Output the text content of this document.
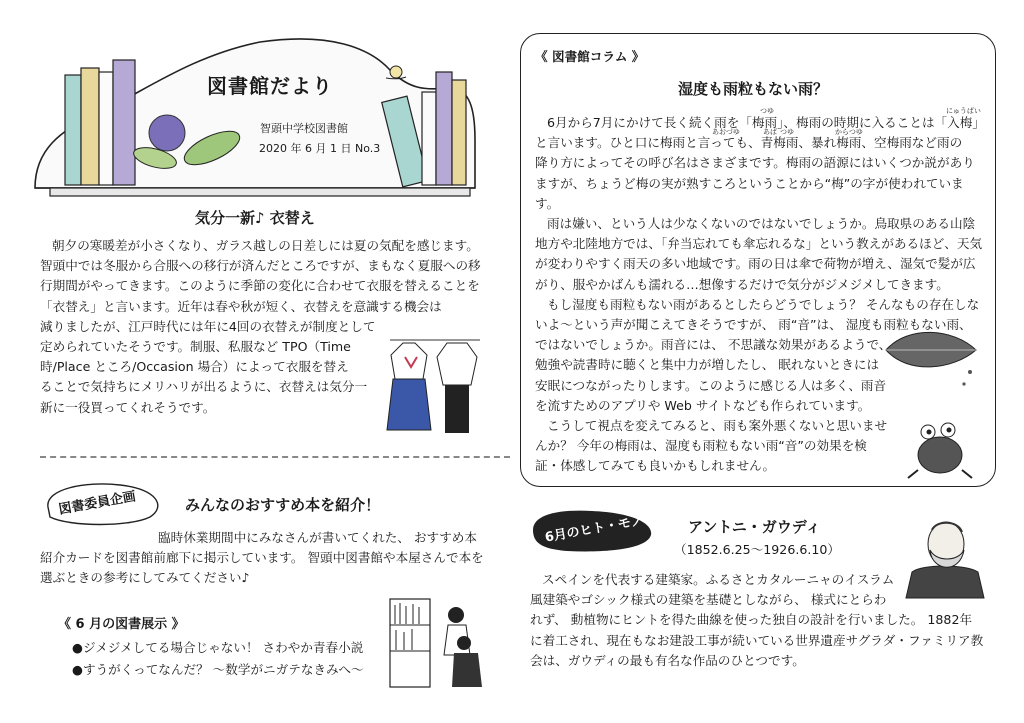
図書館だより
智頭中学校図書館
2020 年 6 月 1 日 No.3
気分一新♪ 衣替え

朝夕の寒暖差が小さくなり、ガラス越しの日差しには夏の気配を感じます。

智頭中では冬服から合服への移行が済んだところですが、まもなく夏服への移

行期間がやってきます。このように季節の変化に合わせて衣服を替えることを

「衣替え」と言います。近年は春や秋が短く、衣替えを意識する機会は

減りましたが、江戸時代には年に4回の衣替えが制度として

定められていたそうです。制服、私服など TPO（Time

時/Place ところ/Occasion 場合）によって衣服を替え

ることで気持ちにメリハリが出るように、衣替えは気分一

新に一役買ってくれそうです。

図書委員企画	みんなのおすすめ本を紹介！

臨時休業期間中にみなさんが書いてくれた、 おすすめ本

紹介カードを図書館前廊下に掲示しています。 智頭中図書館や本屋さんで本を

選ぶときの参考にしてみてください♪

《 6 月の図書展示 》
●ジメジメしてる場合じゃない！ さわやか青春小説
●すうがくってなんだ？ ～数学がニガテなきみへ～
《 図書館コラム 》
湿度も雨粒もない雨？
つゆ	にゅうばい
あおづゆ	あば つゆ	からつゆ

6月から7月にかけて長く続く雨を「梅雨」、梅雨の時期に入ることは「入梅」

と言います。ひと口に梅雨と言っても、青梅雨、暴れ梅雨、空梅雨など雨の

降り方によってその呼び名はさまざまです。梅雨の語源にはいくつか説があり

ますが、ちょうど梅の実が熟すころということから“梅”の字が使われています。

雨は嫌い、という人は少なくないのではないでしょうか。鳥取県のある山陰

地方や北陸地方では、「弁当忘れても傘忘れるな」という教えがあるほど、天気

が変わりやすく雨天の多い地域です。雨の日は傘で荷物が増え、湿気で髪が広

がり、服やかばんも濡れる…想像するだけで気分がジメジメしてきます。

もし湿度も雨粒もない雨があるとしたらどうでしょう？ そんなもの存在しな

いよ～という声が聞こえてきそうですが、 雨“音”は、 湿度も雨粒もない雨、

ではないでしょうか。雨音には、 不思議な効果があるようで、

勉強や読書時に聴くと集中力が増したし、 眠れないときには

安眠につながったりします。このように感じる人は多く、雨音

を流すためのアプリや Web サイトなども作られています。

こうして視点を変えてみると、雨も案外悪くないと思いませ

んか？ 今年の梅雨は、湿度も雨粒もない雨“音”の効果を検

証・体感してみても良いかもしれません。

6月のヒト・モノ	アントニ・ガウディ
（1852.6.25～1926.6.10）

スペインを代表する建築家。ふるさとカタルーニャのイスラム

風建築やゴシック様式の建築を基礎としながら、 様式にとらわ

れず、 動植物にヒントを得た曲線を使った独自の設計を行いました。 1882年

に着工され、現在もなお建設工事が続いている世界遺産サグラダ・ファミリア教

会は、ガウディの最も有名な作品のひとつです。
